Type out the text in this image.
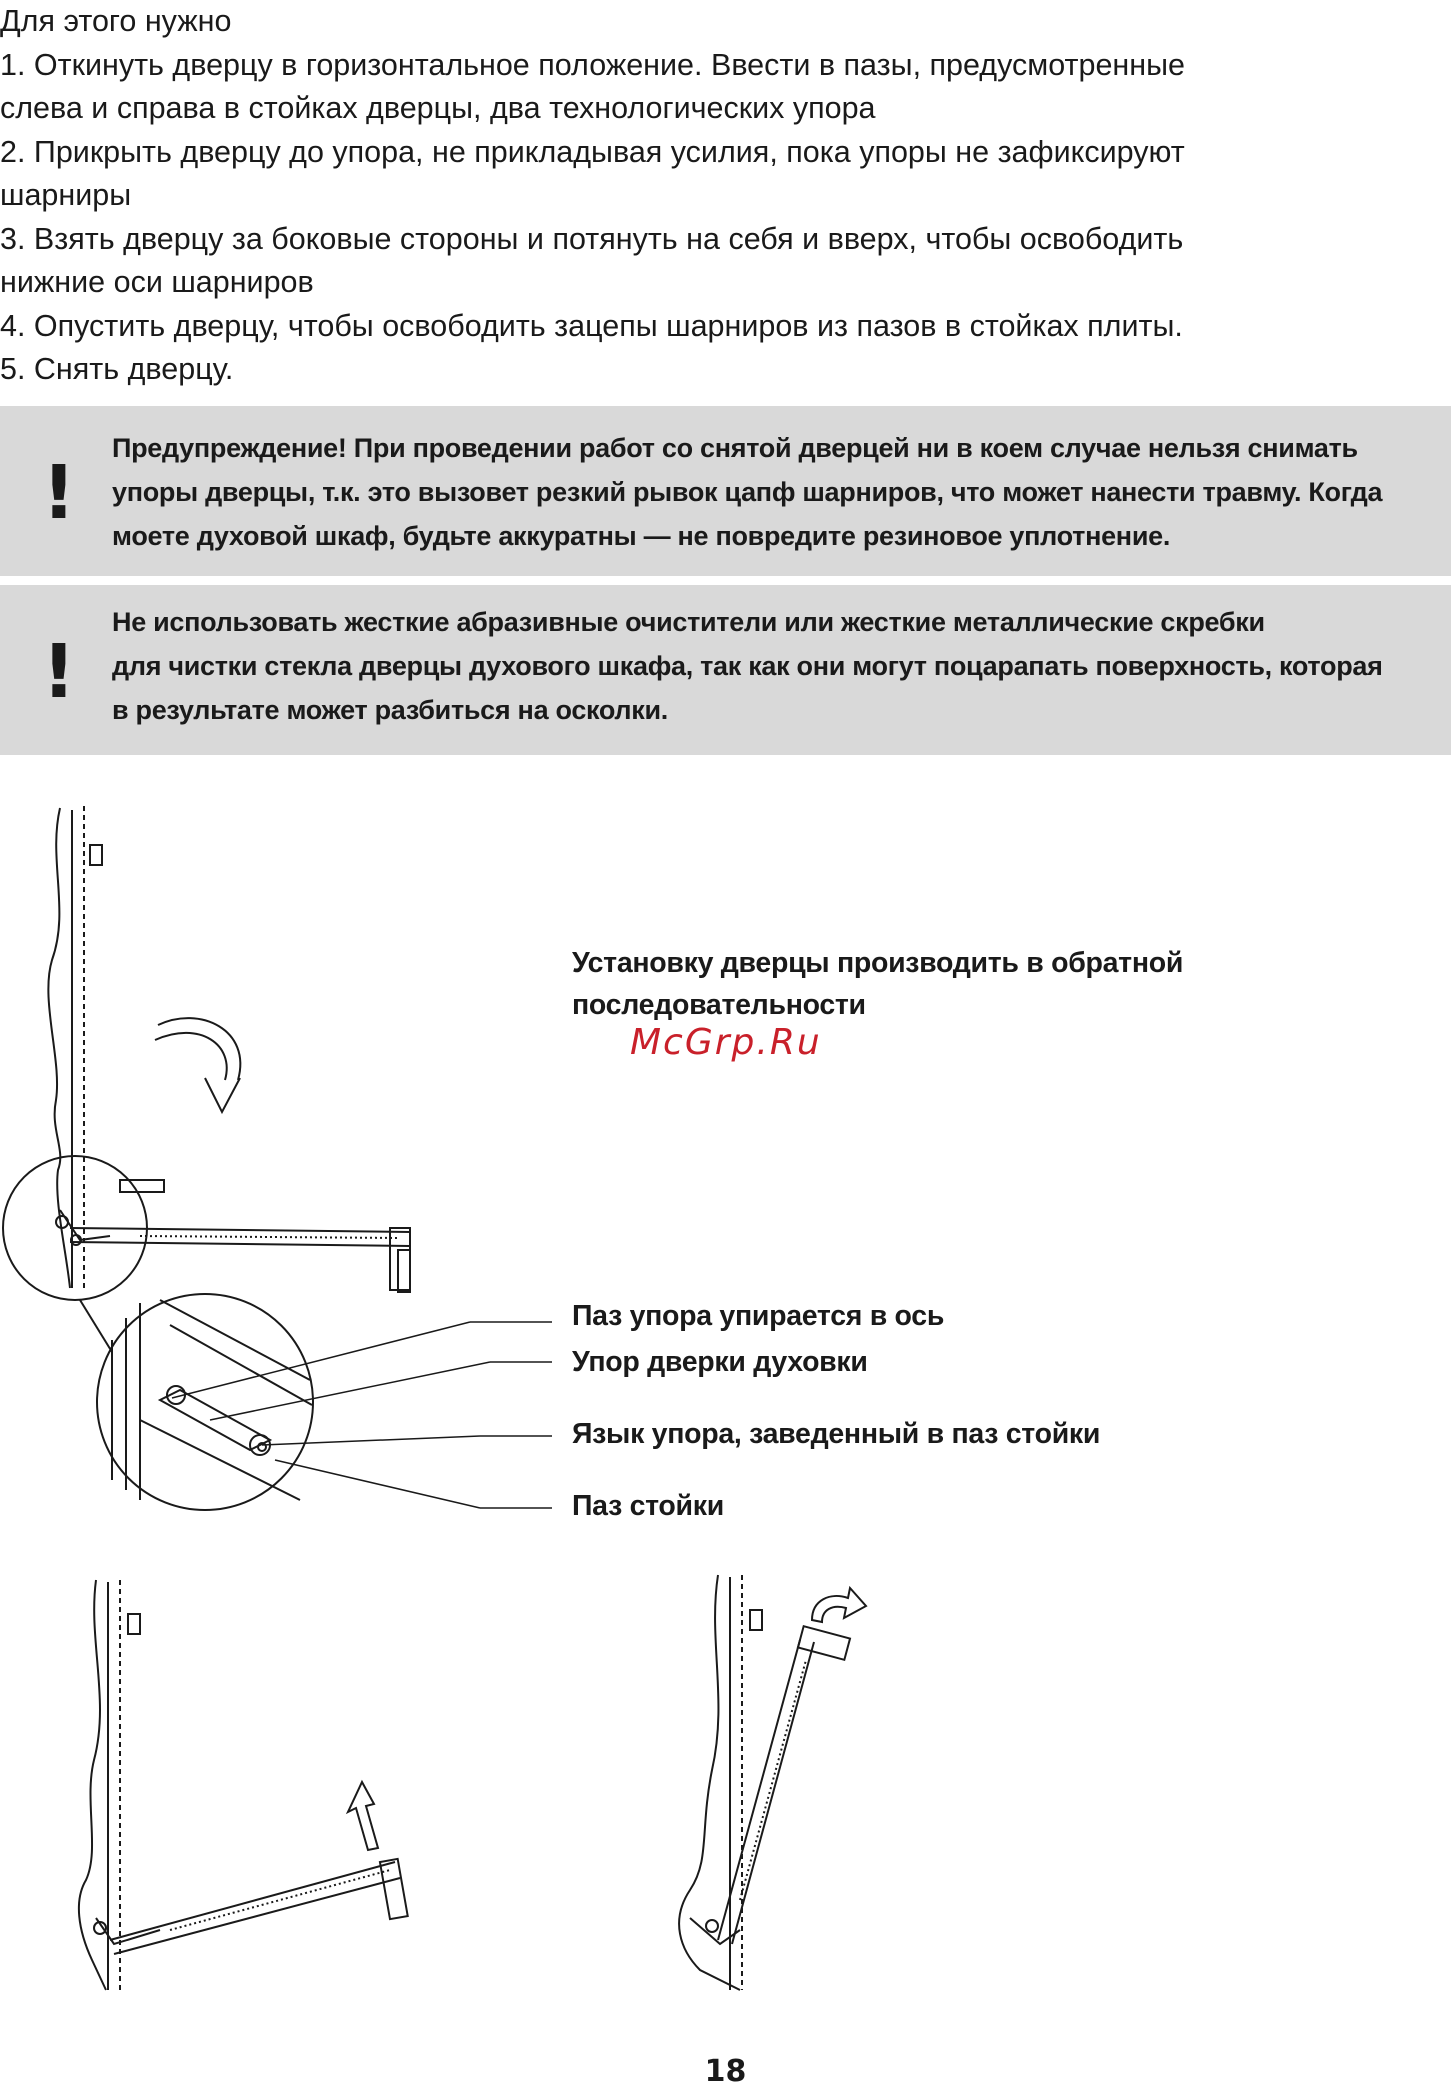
Для этого нужно
1. Откинуть дверцу в горизонтальное положение. Ввести в пазы, предусмотренные
слева и справа в стойках дверцы, два технологических упора
2. Прикрыть дверцу до упора, не прикладывая усилия, пока упоры не зафиксируют
шарниры
3. Взять дверцу за боковые стороны и потянуть на себя и вверх, чтобы освободить
нижние оси шарниров
4. Опустить дверцу, чтобы освободить зацепы шарниров из пазов в стойках плиты.
5. Снять дверцу.
!
Предупреждение! При проведении работ со снятой дверцей ни в коем случае нельзя снимать
упоры дверцы, т.к. это вызовет резкий рывок цапф шарниров, что может нанести травму. Когда
моете духовой шкаф, будьте аккуратны — не повредите резиновое уплотнение.
!
Не использовать жесткие абразивные очистители или жесткие металлические скребки
для чистки стекла дверцы духового шкафа, так как они могут поцарапать поверхность, которая
в результате может разбиться на осколки.
Установку дверцы производить в обратной
последовательности
McGrp.Ru
Паз упора упирается в ось
Упор дверки духовки
Язык упора, заведенный в паз стойки
Паз стойки
18
